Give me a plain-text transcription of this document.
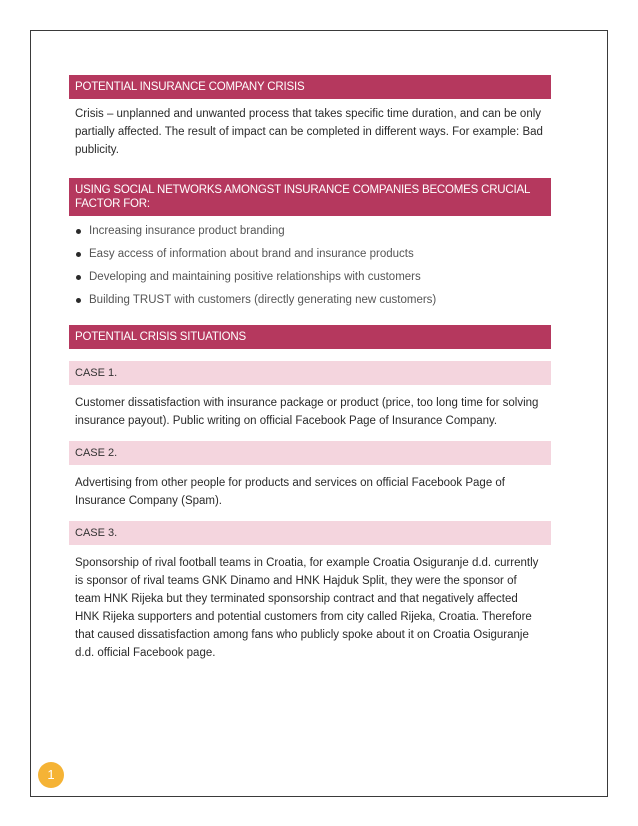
POTENTIAL INSURANCE COMPANY CRISIS
Crisis – unplanned and unwanted process that takes specific time duration, and can be only partially affected. The result of impact can be completed in different ways. For example: Bad publicity.
USING SOCIAL NETWORKS AMONGST INSURANCE COMPANIES BECOMES CRUCIAL FACTOR FOR:
Increasing insurance product branding
Easy access of information about brand and insurance products
Developing and maintaining positive relationships with customers
Building TRUST with customers (directly generating new customers)
POTENTIAL CRISIS SITUATIONS
CASE 1.
Customer dissatisfaction with insurance package or product (price, too long time for solving insurance payout). Public writing on official Facebook Page of Insurance Company.
CASE 2.
Advertising from other people for products and services on official Facebook Page of Insurance Company (Spam).
CASE 3.
Sponsorship of rival football teams in Croatia, for example Croatia Osiguranje d.d. currently is sponsor of rival teams GNK Dinamo and HNK Hajduk Split, they were the sponsor of team HNK Rijeka but they terminated sponsorship contract and that negatively affected HNK Rijeka supporters and potential customers from city called Rijeka, Croatia. Therefore that caused dissatisfaction among fans who publicly spoke about it on Croatia Osiguranje d.d. official Facebook page.
1
